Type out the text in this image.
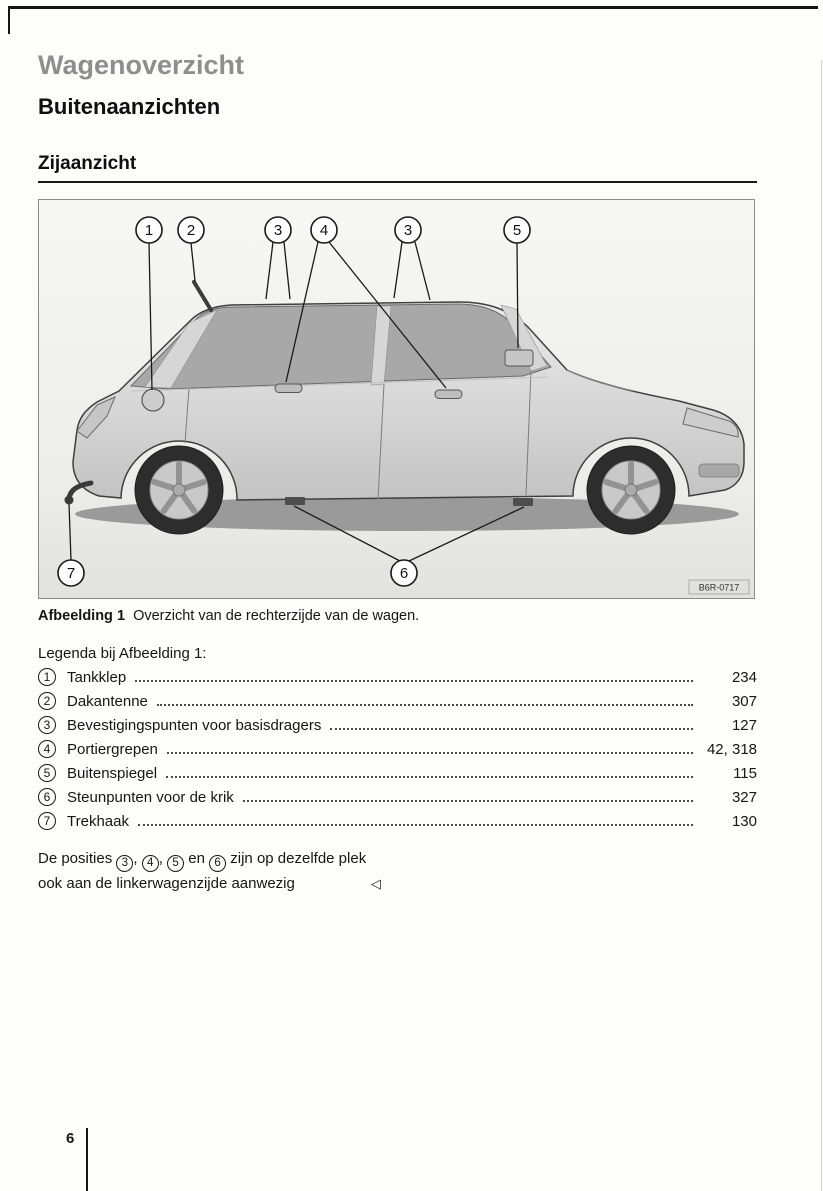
Wagenoverzicht
Buitenaanzichten
Zijaanzicht
1 2	3	4	3	5
7	6
B6R-0717

Afbeelding 1 Overzicht van de rechterzijde van de wagen.

Legenda bij Afbeelding 1:

1	Tankklep	234
2	Dakantenne	307
3	Bevestigingspunten voor basisdragers	127
4	Portiergrepen	42, 318
5	Buitenspiegel	115
6	Steunpunten voor de krik	327
7	Trekhaak	130

De posities 3 , 4 , 5 en 6 zijn op dezelfde plek
ook aan de linkerwagenzijde aanwezig	◁

6
